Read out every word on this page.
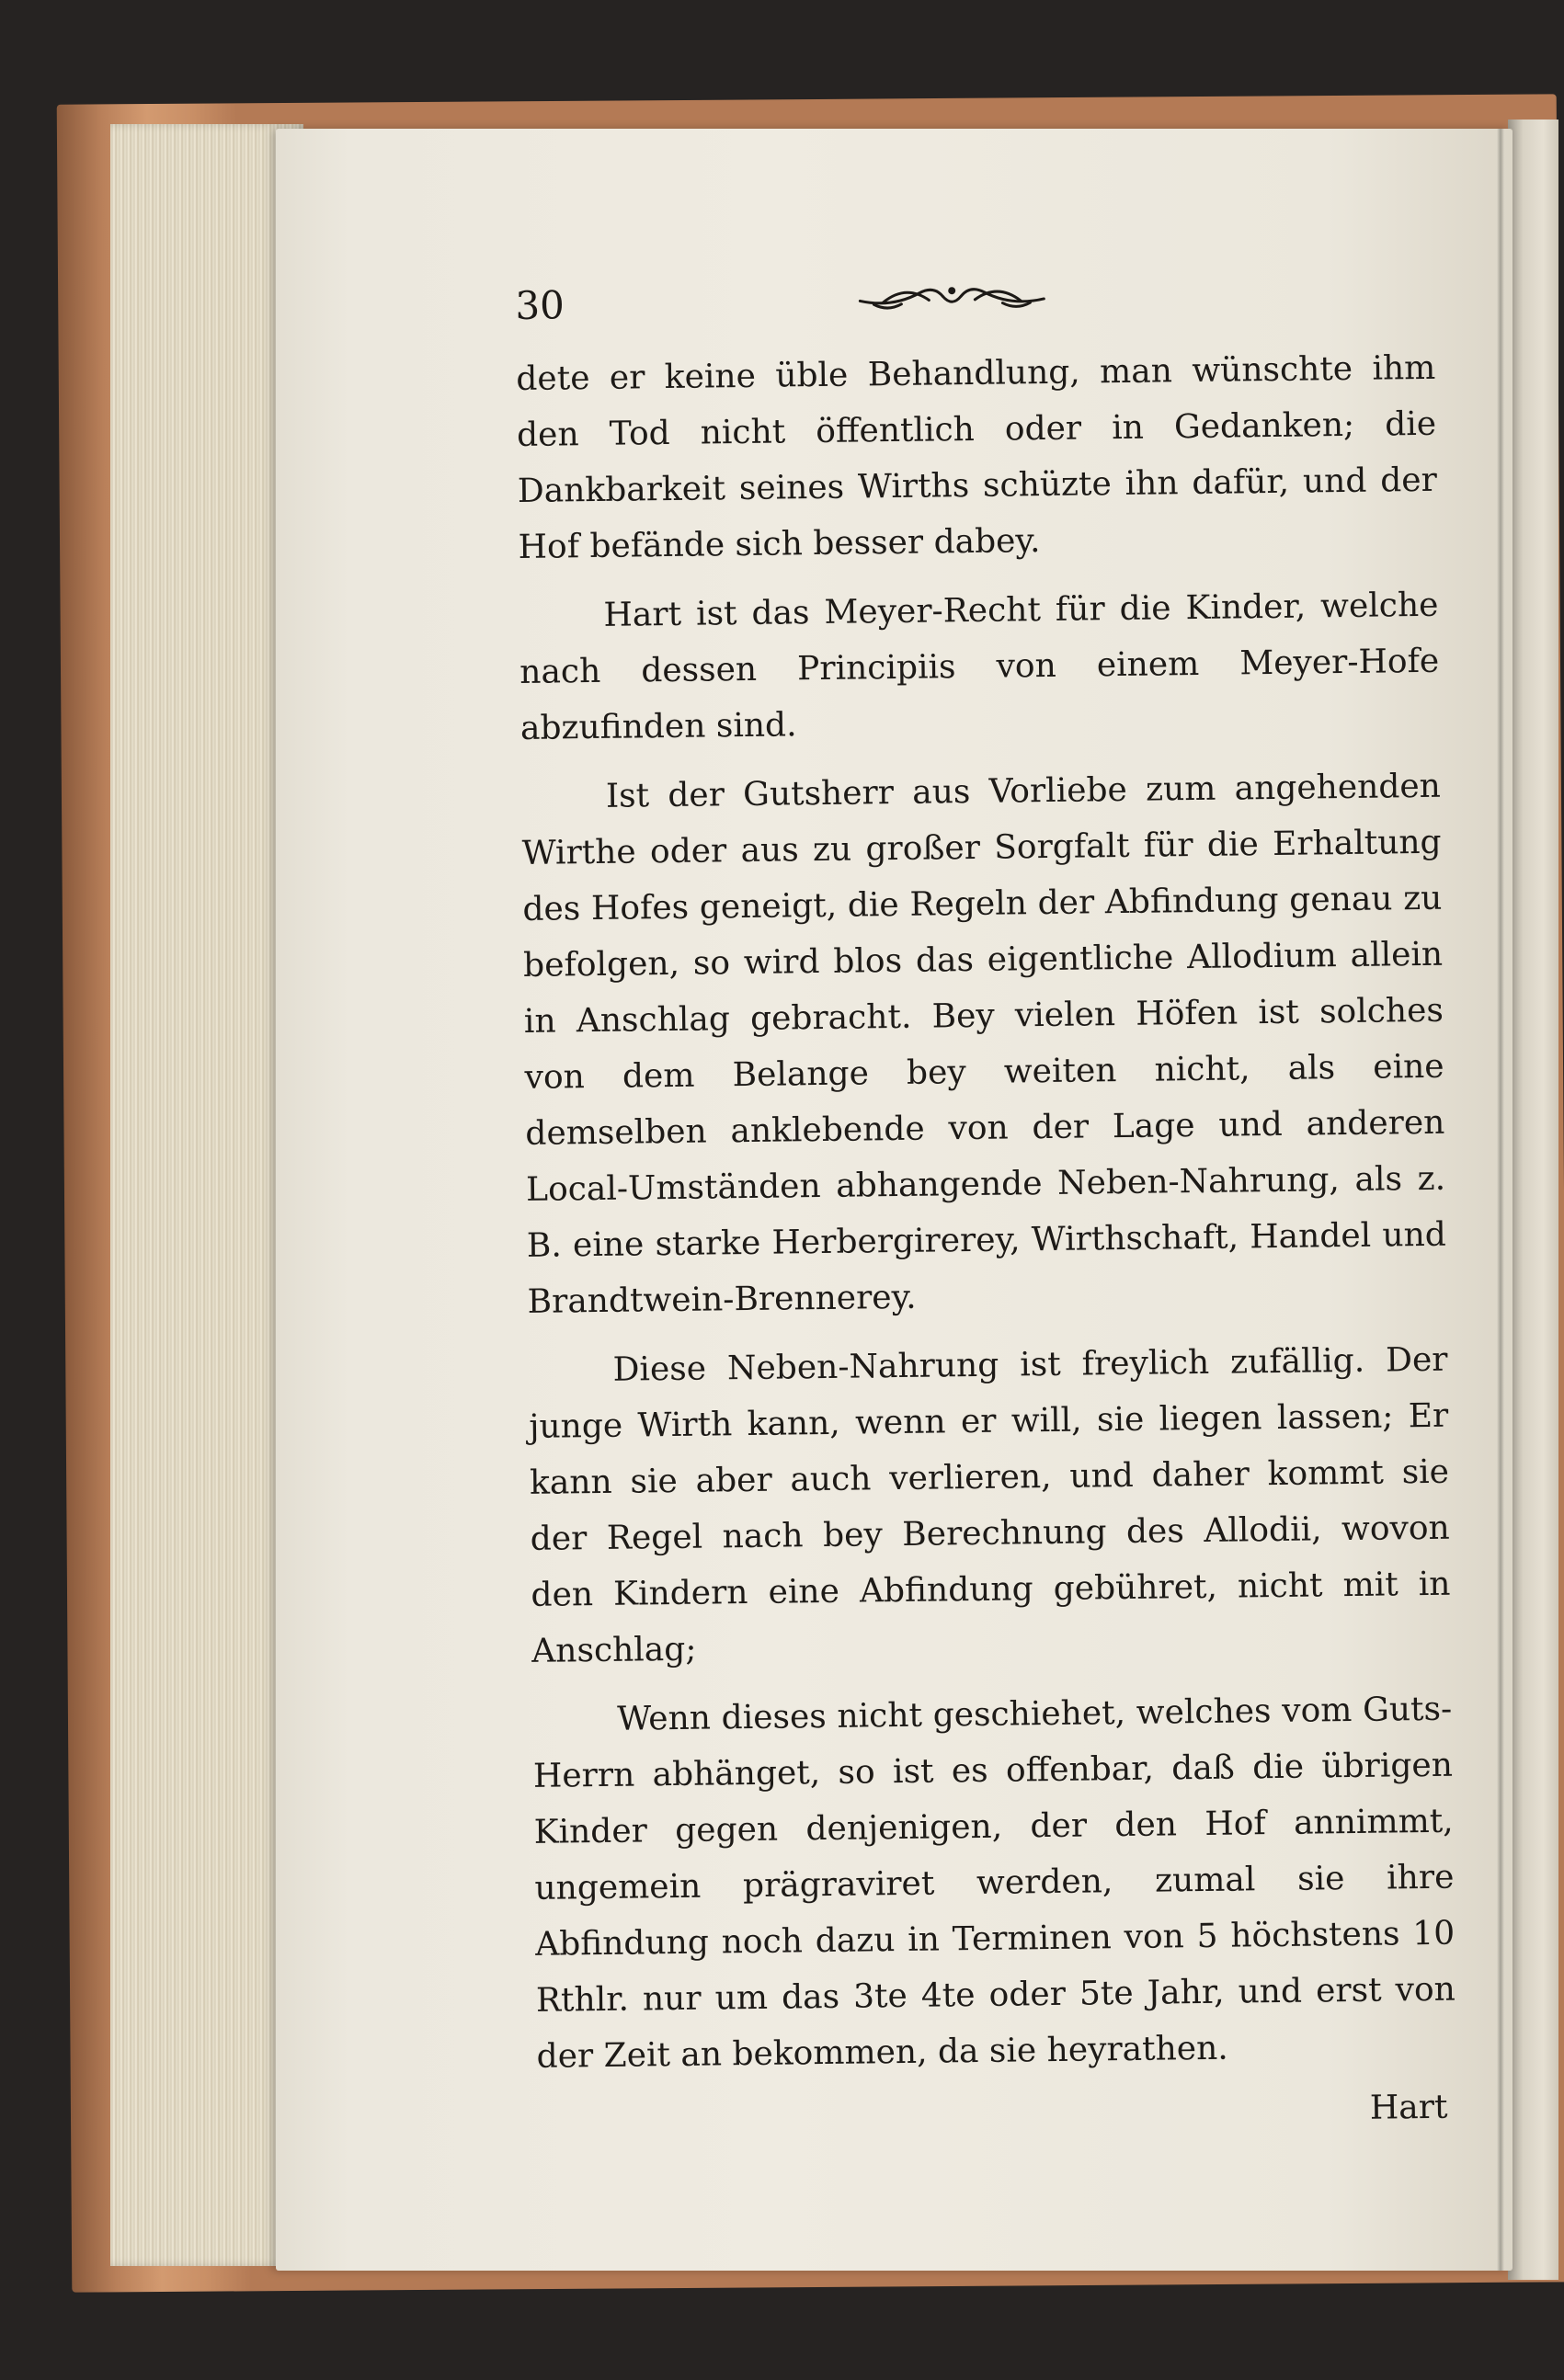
30

dete er keine üble Behandlung, man wünschte ihm den Tod nicht öffentlich oder in Gedanken; die Dankbarkeit seines Wirths schüzte ihn dafür, und der Hof befände sich besser dabey.

Hart ist das Meyer-Recht für die Kinder, welche nach dessen Principiis von einem Meyer-Hofe abzufinden sind.

Ist der Gutsherr aus Vorliebe zum angehenden Wirthe oder aus zu großer Sorgfalt für die Erhaltung des Hofes geneigt, die Regeln der Abfindung genau zu befolgen, so wird blos das eigentliche Allodium allein in Anschlag gebracht. Bey vielen Höfen ist solches von dem Belange bey weiten nicht, als eine demselben anklebende von der Lage und anderen Local-Umständen abhangende Neben-Nahrung, als z. B. eine starke Herbergirerey, Wirthschaft, Handel und Brandtwein-Brennerey.

Diese Neben-Nahrung ist freylich zufällig. Der junge Wirth kann, wenn er will, sie liegen lassen; Er kann sie aber auch verlieren, und daher kommt sie der Regel nach bey Berechnung des Allodii, wovon den Kindern eine Abfindung gebühret, nicht mit in Anschlag;

Wenn dieses nicht geschiehet, welches vom Guts-Herrn abhänget, so ist es offenbar, daß die übrigen Kinder gegen denjenigen, der den Hof annimmt, ungemein prägraviret werden, zumal sie ihre Abfindung noch dazu in Terminen von 5 höchstens 10 Rthlr. nur um das 3te 4te oder 5te Jahr, und erst von der Zeit an bekommen, da sie heyrathen.

Hart
